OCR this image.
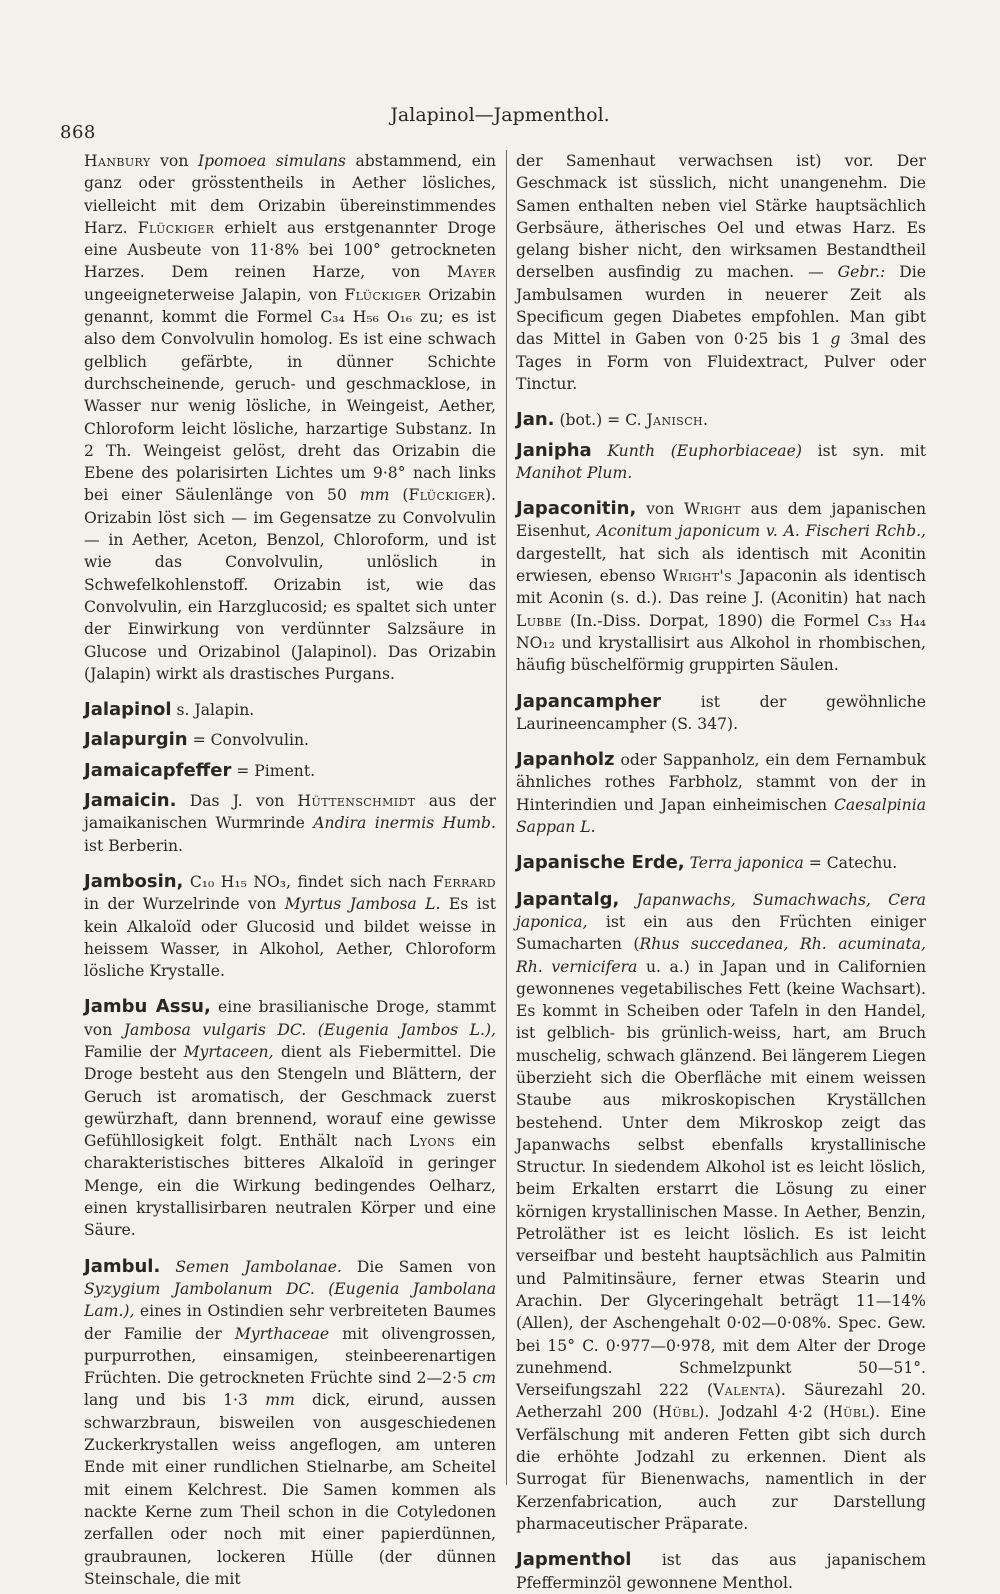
868
Jalapinol—Japmenthol.

Hanbury von Ipomoea simulans abstammend, ein ganz oder grösstentheils in Aether lösliches, vielleicht mit dem Orizabin übereinstimmendes Harz. Flückiger erhielt aus erstgenannter Droge eine Ausbeute von 11·8% bei 100° getrockneten Harzes. Dem reinen Harze, von Mayer ungeeigneterweise Jalapin, von Flückiger Orizabin genannt, kommt die Formel C₃₄ H₅₆ O₁₆ zu; es ist also dem Convolvulin homolog. Es ist eine schwach gelblich gefärbte, in dünner Schichte durchscheinende, geruch- und geschmacklose, in Wasser nur wenig lösliche, in Weingeist, Aether, Chloroform leicht lösliche, harzartige Substanz. In 2 Th. Weingeist gelöst, dreht das Orizabin die Ebene des polarisirten Lichtes um 9·8° nach links bei einer Säulenlänge von 50 mm (Flückiger). Orizabin löst sich — im Gegensatze zu Convolvulin — in Aether, Aceton, Benzol, Chloroform, und ist wie das Convolvulin, unlöslich in Schwefelkohlenstoff. Orizabin ist, wie das Convolvulin, ein Harzglucosid; es spaltet sich unter der Einwirkung von verdünnter Salzsäure in Glucose und Orizabinol (Jalapinol). Das Orizabin (Jalapin) wirkt als drastisches Purgans.

Jalapinol s. Jalapin.

Jalapurgin = Convolvulin.

Jamaicapfeffer = Piment.

Jamaicin. Das J. von Hüttenschmidt aus der jamaikanischen Wurmrinde Andira inermis Humb. ist Berberin.

Jambosin, C₁₀ H₁₅ NO₃, findet sich nach Ferrard in der Wurzelrinde von Myrtus Jambosa L. Es ist kein Alkaloïd oder Glucosid und bildet weisse in heissem Wasser, in Alkohol, Aether, Chloroform lösliche Krystalle.

Jambu Assu, eine brasilianische Droge, stammt von Jambosa vulgaris DC. (Eugenia Jambos L.), Familie der Myrtaceen, dient als Fiebermittel. Die Droge besteht aus den Stengeln und Blättern, der Geruch ist aromatisch, der Geschmack zuerst gewürzhaft, dann brennend, worauf eine gewisse Gefühllosigkeit folgt. Enthält nach Lyons ein charakteristisches bitteres Alkaloïd in geringer Menge, ein die Wirkung bedingendes Oelharz, einen krystallisirbaren neutralen Körper und eine Säure.

Jambul. Semen Jambolanae. Die Samen von Syzygium Jambolanum DC. (Eugenia Jambolana Lam.), eines in Ostindien sehr verbreiteten Baumes der Familie der Myrthaceae mit olivengrossen, purpurrothen, einsamigen, steinbeerenartigen Früchten. Die getrockneten Früchte sind 2—2·5 cm lang und bis 1·3 mm dick, eirund, aussen schwarzbraun, bisweilen von ausgeschiedenen Zuckerkrystallen weiss angeflogen, am unteren Ende mit einer rundlichen Stielnarbe, am Scheitel mit einem Kelchrest. Die Samen kommen als nackte Kerne zum Theil schon in die Cotyledonen zerfallen oder noch mit einer papierdünnen, graubraunen, lockeren Hülle (der dünnen Steinschale, die mit

der Samenhaut verwachsen ist) vor. Der Geschmack ist süsslich, nicht unangenehm. Die Samen enthalten neben viel Stärke hauptsächlich Gerbsäure, ätherisches Oel und etwas Harz. Es gelang bisher nicht, den wirksamen Bestandtheil derselben ausfindig zu machen. — Gebr.: Die Jambulsamen wurden in neuerer Zeit als Specificum gegen Diabetes empfohlen. Man gibt das Mittel in Gaben von 0·25 bis 1 g 3mal des Tages in Form von Fluidextract, Pulver oder Tinctur.

Jan. (bot.) = C. Janisch.

Janipha Kunth (Euphorbiaceae) ist syn. mit Manihot Plum.

Japaconitin, von Wright aus dem japanischen Eisenhut, Aconitum japonicum v. A. Fischeri Rchb., dargestellt, hat sich als identisch mit Aconitin erwiesen, ebenso Wright's Japaconin als identisch mit Aconin (s. d.). Das reine J. (Aconitin) hat nach Lubbe (In.-Diss. Dorpat, 1890) die Formel C₃₃ H₄₄ NO₁₂ und krystallisirt aus Alkohol in rhombischen, häufig büschelförmig gruppirten Säulen.

Japancampher ist der gewöhnliche Laurineencampher (S. 347).

Japanholz oder Sappanholz, ein dem Fernambuk ähnliches rothes Farbholz, stammt von der in Hinterindien und Japan einheimischen Caesalpinia Sappan L.

Japanische Erde, Terra japonica = Catechu.

Japantalg, Japanwachs, Sumachwachs, Cera japonica, ist ein aus den Früchten einiger Sumacharten (Rhus succedanea, Rh. acuminata, Rh. vernicifera u. a.) in Japan und in Californien gewonnenes vegetabilisches Fett (keine Wachsart). Es kommt in Scheiben oder Tafeln in den Handel, ist gelblich- bis grünlich-weiss, hart, am Bruch muschelig, schwach glänzend. Bei längerem Liegen überzieht sich die Oberfläche mit einem weissen Staube aus mikroskopischen Kryställchen bestehend. Unter dem Mikroskop zeigt das Japanwachs selbst ebenfalls krystallinische Structur. In siedendem Alkohol ist es leicht löslich, beim Erkalten erstarrt die Lösung zu einer körnigen krystallinischen Masse. In Aether, Benzin, Petroläther ist es leicht löslich. Es ist leicht verseifbar und besteht hauptsächlich aus Palmitin und Palmitinsäure, ferner etwas Stearin und Arachin. Der Glyceringehalt beträgt 11—14% (Allen), der Aschengehalt 0·02—0·08%. Spec. Gew. bei 15° C. 0·977—0·978, mit dem Alter der Droge zunehmend. Schmelzpunkt 50—51°. Verseifungszahl 222 (Valenta). Säurezahl 20. Aetherzahl 200 (Hübl). Jodzahl 4·2 (Hübl). Eine Verfälschung mit anderen Fetten gibt sich durch die erhöhte Jodzahl zu erkennen. Dient als Surrogat für Bienenwachs, namentlich in der Kerzenfabrication, auch zur Darstellung pharmaceutischer Präparate.

Japmenthol ist das aus japanischem Pfefferminzöl gewonnene Menthol.
